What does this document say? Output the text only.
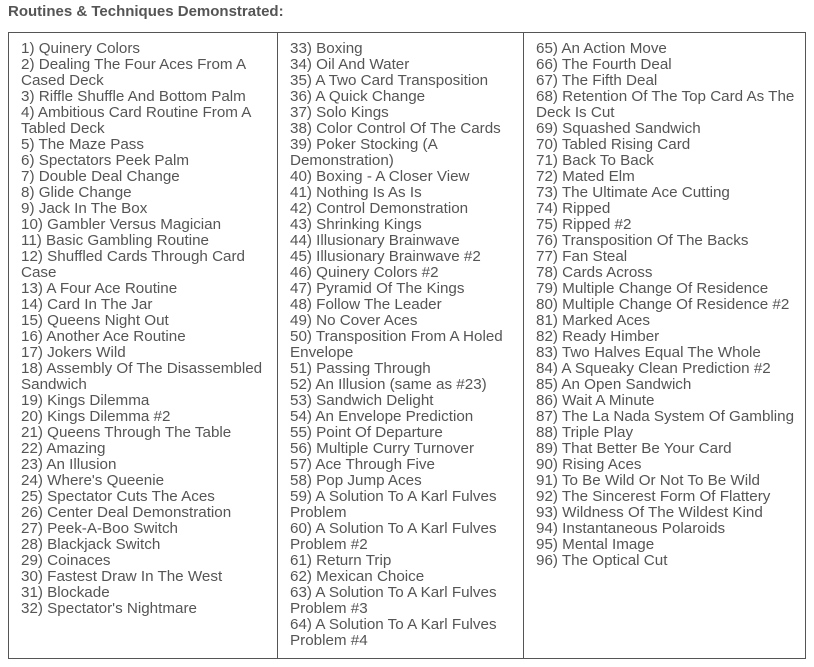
Routines & Techniques Demonstrated:
1) Quinery Colors
2) Dealing The Four Aces From A Cased Deck
3) Riffle Shuffle And Bottom Palm
4) Ambitious Card Routine From A Tabled Deck
5) The Maze Pass
6) Spectators Peek Palm
7) Double Deal Change
8) Glide Change
9) Jack In The Box
10) Gambler Versus Magician
11) Basic Gambling Routine
12) Shuffled Cards Through Card Case
13) A Four Ace Routine
14) Card In The Jar
15) Queens Night Out
16) Another Ace Routine
17) Jokers Wild
18) Assembly Of The Disassembled Sandwich
19) Kings Dilemma
20) Kings Dilemma #2
21) Queens Through The Table
22) Amazing
23) An Illusion
24) Where's Queenie
25) Spectator Cuts The Aces
26) Center Deal Demonstration
27) Peek-A-Boo Switch
28) Blackjack Switch
29) Coinaces
30) Fastest Draw In The West
31) Blockade
32) Spectator's Nightmare
33) Boxing
34) Oil And Water
35) A Two Card Transposition
36) A Quick Change
37) Solo Kings
38) Color Control Of The Cards
39) Poker Stocking (A Demonstration)
40) Boxing - A Closer View
41) Nothing Is As Is
42) Control Demonstration
43) Shrinking Kings
44) Illusionary Brainwave
45) Illusionary Brainwave #2
46) Quinery Colors #2
47) Pyramid Of The Kings
48) Follow The Leader
49) No Cover Aces
50) Transposition From A Holed Envelope
51) Passing Through
52) An Illusion (same as #23)
53) Sandwich Delight
54) An Envelope Prediction
55) Point Of Departure
56) Multiple Curry Turnover
57) Ace Through Five
58) Pop Jump Aces
59) A Solution To A Karl Fulves Problem
60) A Solution To A Karl Fulves Problem #2
61) Return Trip
62) Mexican Choice
63) A Solution To A Karl Fulves Problem #3
64) A Solution To A Karl Fulves Problem #4
65) An Action Move
66) The Fourth Deal
67) The Fifth Deal
68) Retention Of The Top Card As The Deck Is Cut
69) Squashed Sandwich
70) Tabled Rising Card
71) Back To Back
72) Mated Elm
73) The Ultimate Ace Cutting
74) Ripped
75) Ripped #2
76) Transposition Of The Backs
77) Fan Steal
78) Cards Across
79) Multiple Change Of Residence
80) Multiple Change Of Residence #2
81) Marked Aces
82) Ready Himber
83) Two Halves Equal The Whole
84) A Squeaky Clean Prediction #2
85) An Open Sandwich
86) Wait A Minute
87) The La Nada System Of Gambling
88) Triple Play
89) That Better Be Your Card
90) Rising Aces
91) To Be Wild Or Not To Be Wild
92) The Sincerest Form Of Flattery
93) Wildness Of The Wildest Kind
94) Instantaneous Polaroids
95) Mental Image
96) The Optical Cut
